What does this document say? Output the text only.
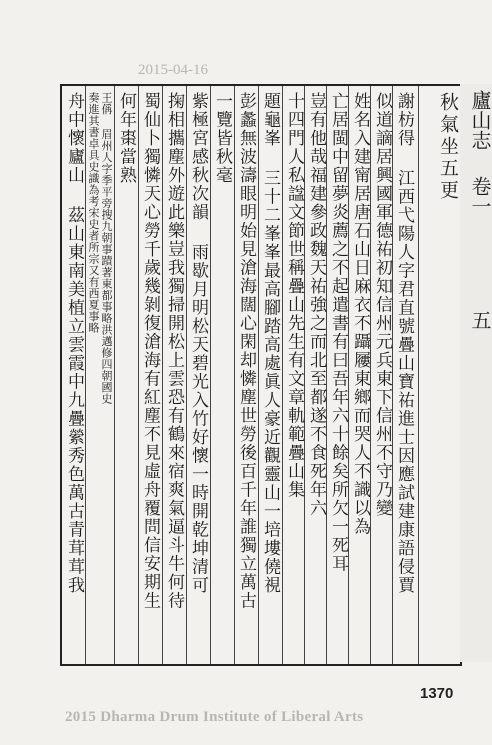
2015-04-16
秋氣坐五更
謝枋得 江西弋陽人字君直號疊山寶祐進士因應試建康語侵賈
似道謫居興國軍德祐初知信州元兵東下信州不守乃變
姓名入建甯居唐石山日麻衣不躡屨東鄉而哭人不識以為
亡居閩中留夢炎薦之不起遣書有曰吾年六十餘矣所欠一死耳
豈有他哉福建參政魏天祐強之而北至都遂不食死年六
十四門人私諡文節世稱疊山先生有文章軌範疊山集
題龜峯 三十二峯峯最高腳踏高處眞人豪近觀靈山一培塿僥視
彭蠡無波濤眼明始見滄海闊心閑却憐塵世勞後百千年誰獨立萬古
一覽皆秋毫
紫極宮感秋次韻 雨歇月明松天碧光入竹好懷一時開乾坤清可
掬相攜塵外遊此樂豈我獨掃開松上雲恐有鶴來宿爽氣逼斗牛何待
蜀仙卜獨憐天心勞千歲幾剝復滄海有紅塵不見虛舟覆問信安期生
何年棗當熟
王偁 眉州人字季平旁搜九朝事蹟著東都事略洪邁修四朝國史
奏進其書卓具史識為考宋史者所宗又有西夏事略
舟中懷廬山 茲山東南美植立雲霞中九疊縈秀色萬古青茸茸我	廬山志
卷一
五
1370
2015 Dharma Drum Institute of Liberal Arts
